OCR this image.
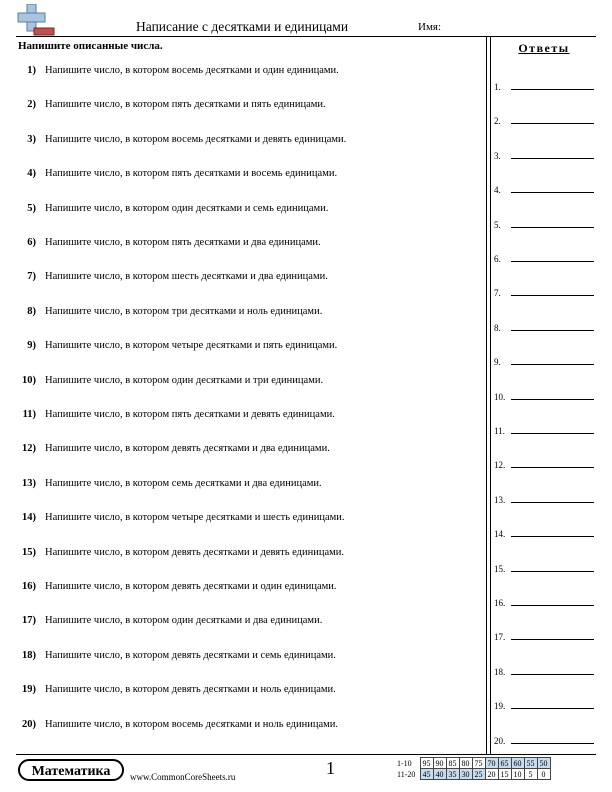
Написание с десятками и единицами	Имя:
Напишите описанные числа.
1) Напишите число, в котором восемь десятками и один единицами.
2) Напишите число, в котором пять десятками и пять единицами.
3) Напишите число, в котором восемь десятками и девять единицами.
4) Напишите число, в котором пять десятками и восемь единицами.
5) Напишите число, в котором один десятками и семь единицами.
6) Напишите число, в котором пять десятками и два единицами.
7) Напишите число, в котором шесть десятками и два единицами.
8) Напишите число, в котором три десятками и ноль единицами.
9) Напишите число, в котором четыре десятками и пять единицами.
10) Напишите число, в котором один десятками и три единицами.
11) Напишите число, в котором пять десятками и девять единицами.
12) Напишите число, в котором девять десятками и два единицами.
13) Напишите число, в котором семь десятками и два единицами.
14) Напишите число, в котором четыре десятками и шесть единицами.
15) Напишите число, в котором девять десятками и девять единицами.
16) Напишите число, в котором девять десятками и один единицами.
17) Напишите число, в котором один десятками и два единицами.
18) Напишите число, в котором девять десятками и семь единицами.
19) Напишите число, в котором девять десятками и ноль единицами.
20) Напишите число, в котором восемь десятками и ноль единицами.
Ответы
1.
2.
3.
4.
5.
6.
7.
8.
9.
10.
11.
12.
13.
14.
15.
16.
17.
18.
19.
20.
Математика	www.CommonCoreSheets.ru	1	1-10	95	90	85	80	75	70	65	60	55	50
11-20	45	40	35	30	25	20	15	10	5	0
